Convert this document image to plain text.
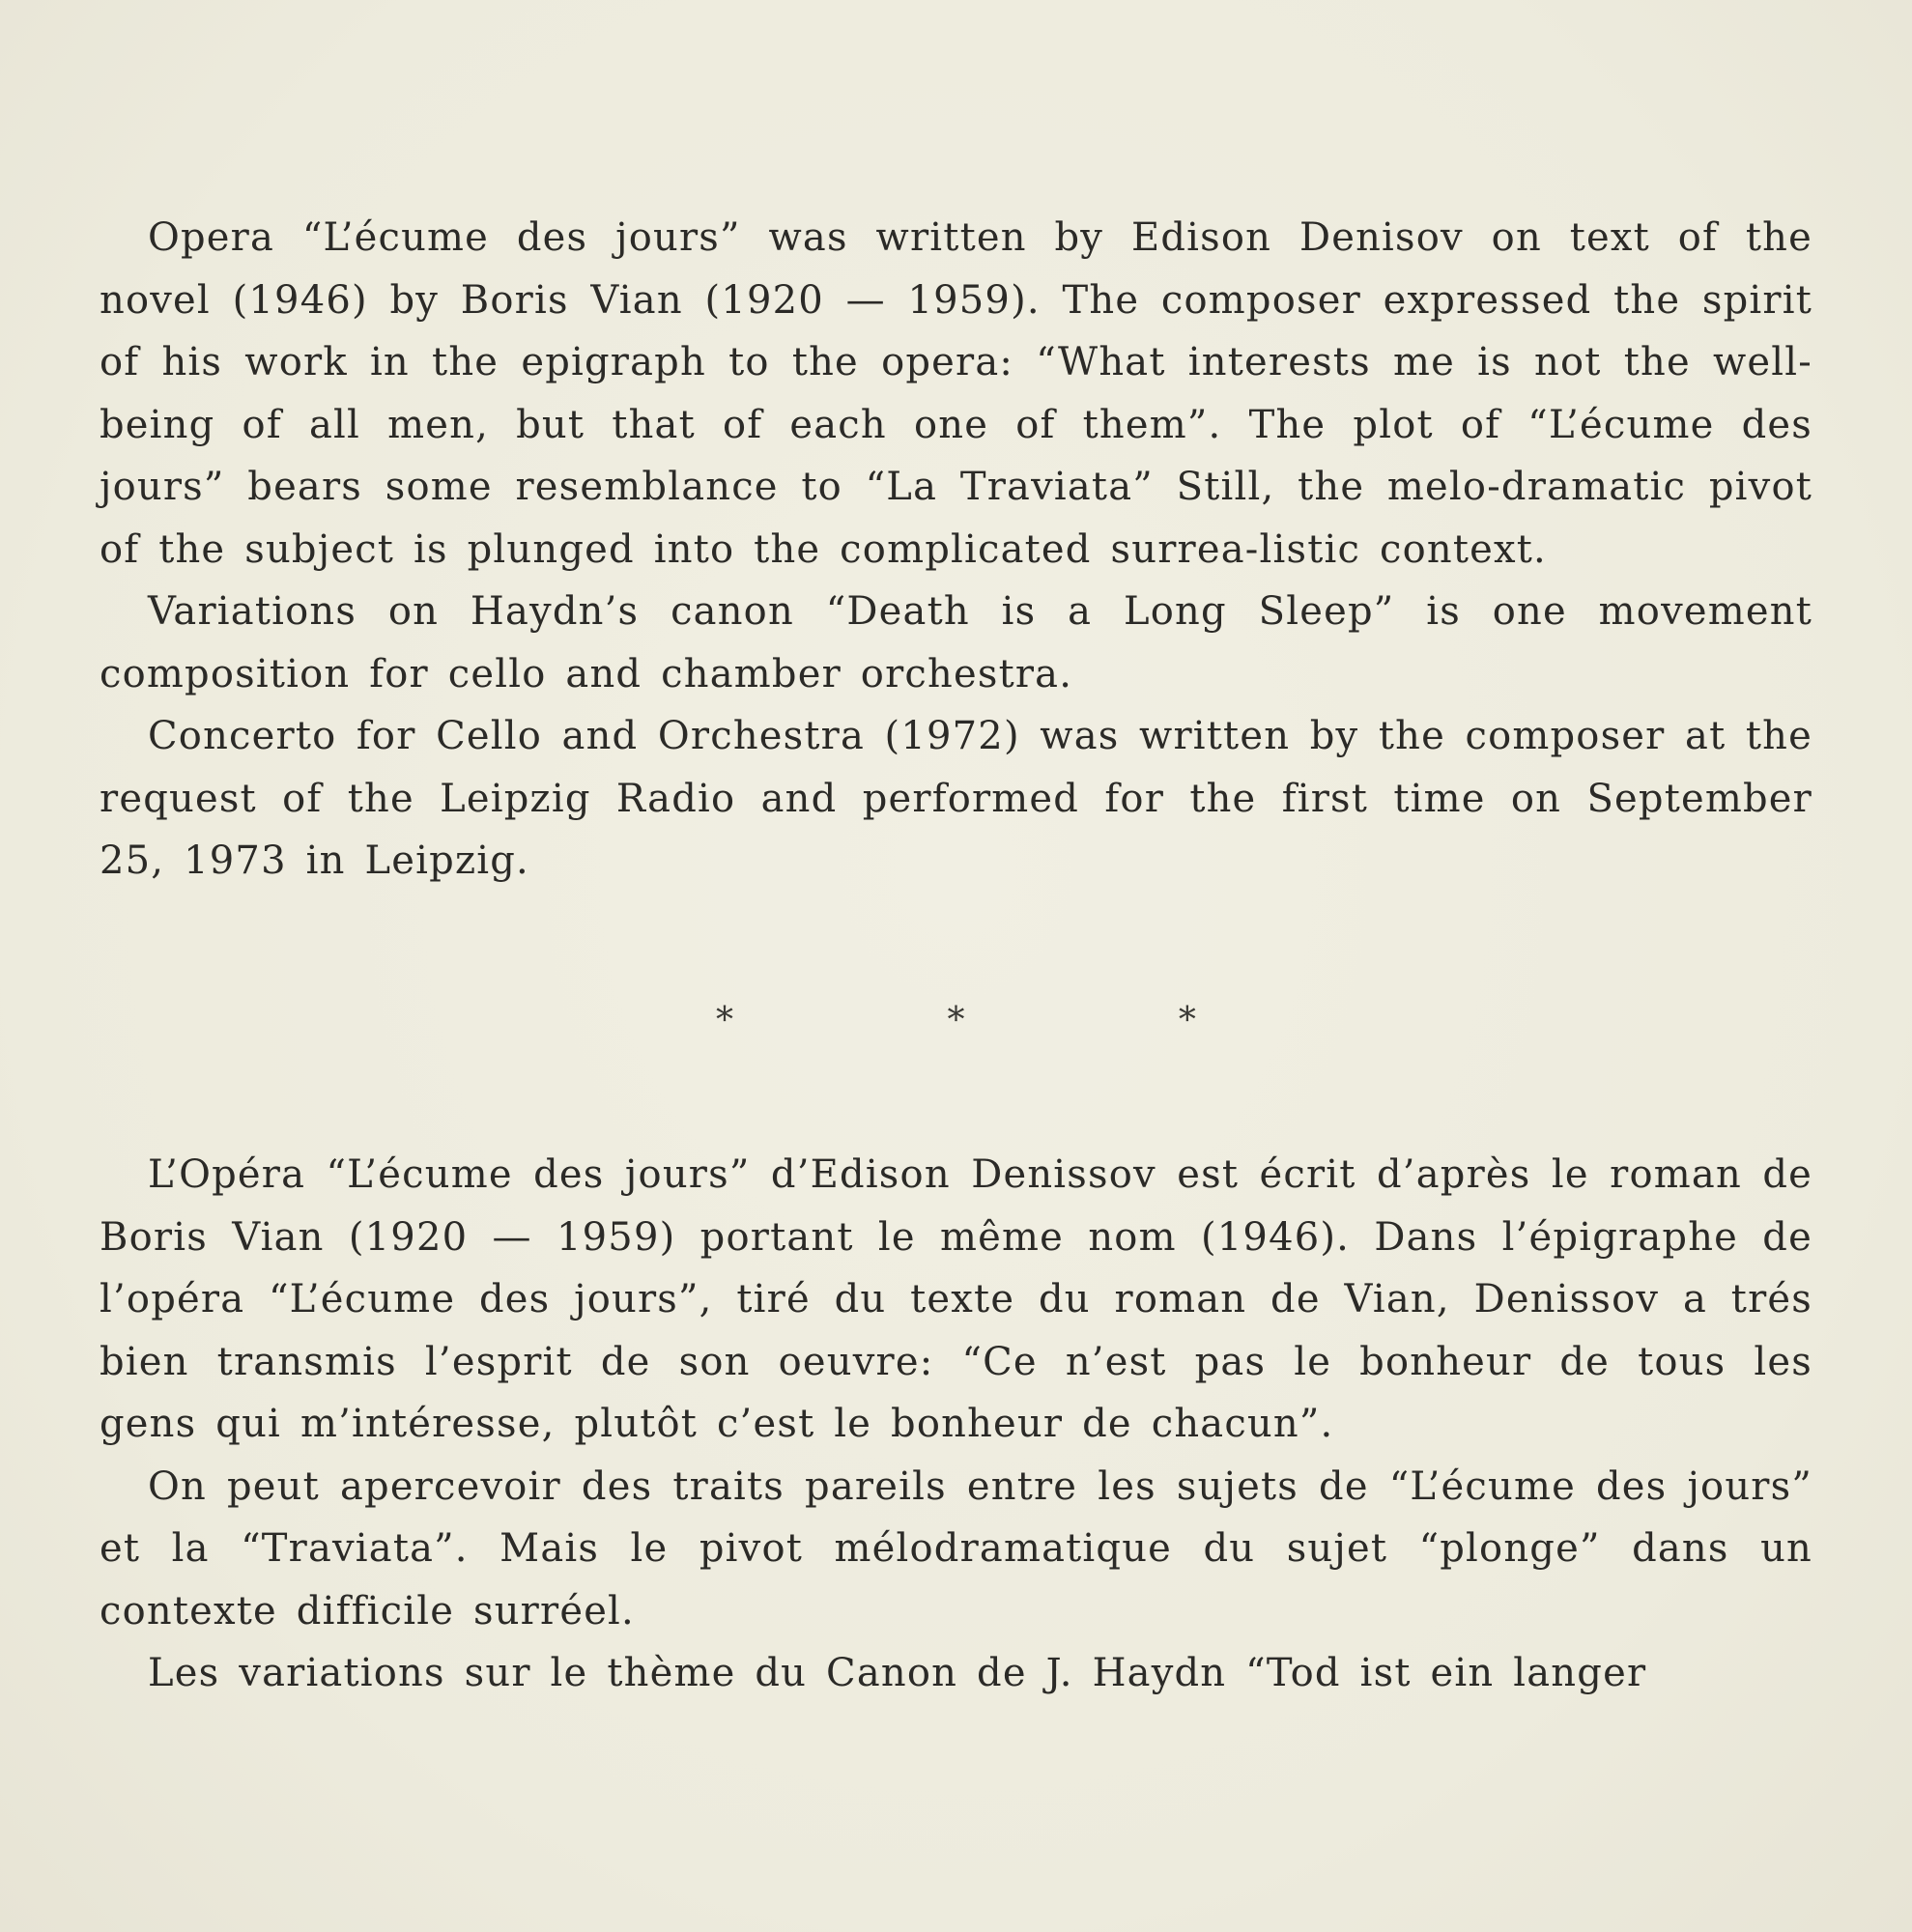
Opera “L’écume des jours” was written by Edison Denisov on text of the novel (1946) by Boris Vian (1920 — 1959). The composer expressed the spirit of his work in the epigraph to the opera: “What interests me is not the well-being of all men, but that of each one of them”. The plot of “L’écume des jours” bears some resemblance to “La Traviata” Still, the melo-dramatic pivot of the subject is plunged into the complicated surrea-listic context.

Variations on Haydn’s canon “Death is a Long Sleep” is one movement composition for cello and chamber orchestra.

Concerto for Cello and Orchestra (1972) was written by the composer at the request of the Leipzig Radio and performed for the first time on September 25, 1973 in Leipzig.

* * *

L’Opéra “L’écume des jours” d’Edison Denissov est écrit d’après le roman de Boris Vian (1920 — 1959) portant le même nom (1946). Dans l’épigraphe de l’opéra “L’écume des jours”, tiré du texte du roman de Vian, Denissov a trés bien transmis l’esprit de son oeuvre: “Ce n’est pas le bonheur de tous les gens qui m’intéresse, plutôt c’est le bonheur de chacun”.

On peut apercevoir des traits pareils entre les sujets de “L’écume des jours” et la “Traviata”. Mais le pivot mélodramatique du sujet “plonge” dans un contexte difficile surréel.

Les variations sur le thème du Canon de J. Haydn “Tod ist ein langer
